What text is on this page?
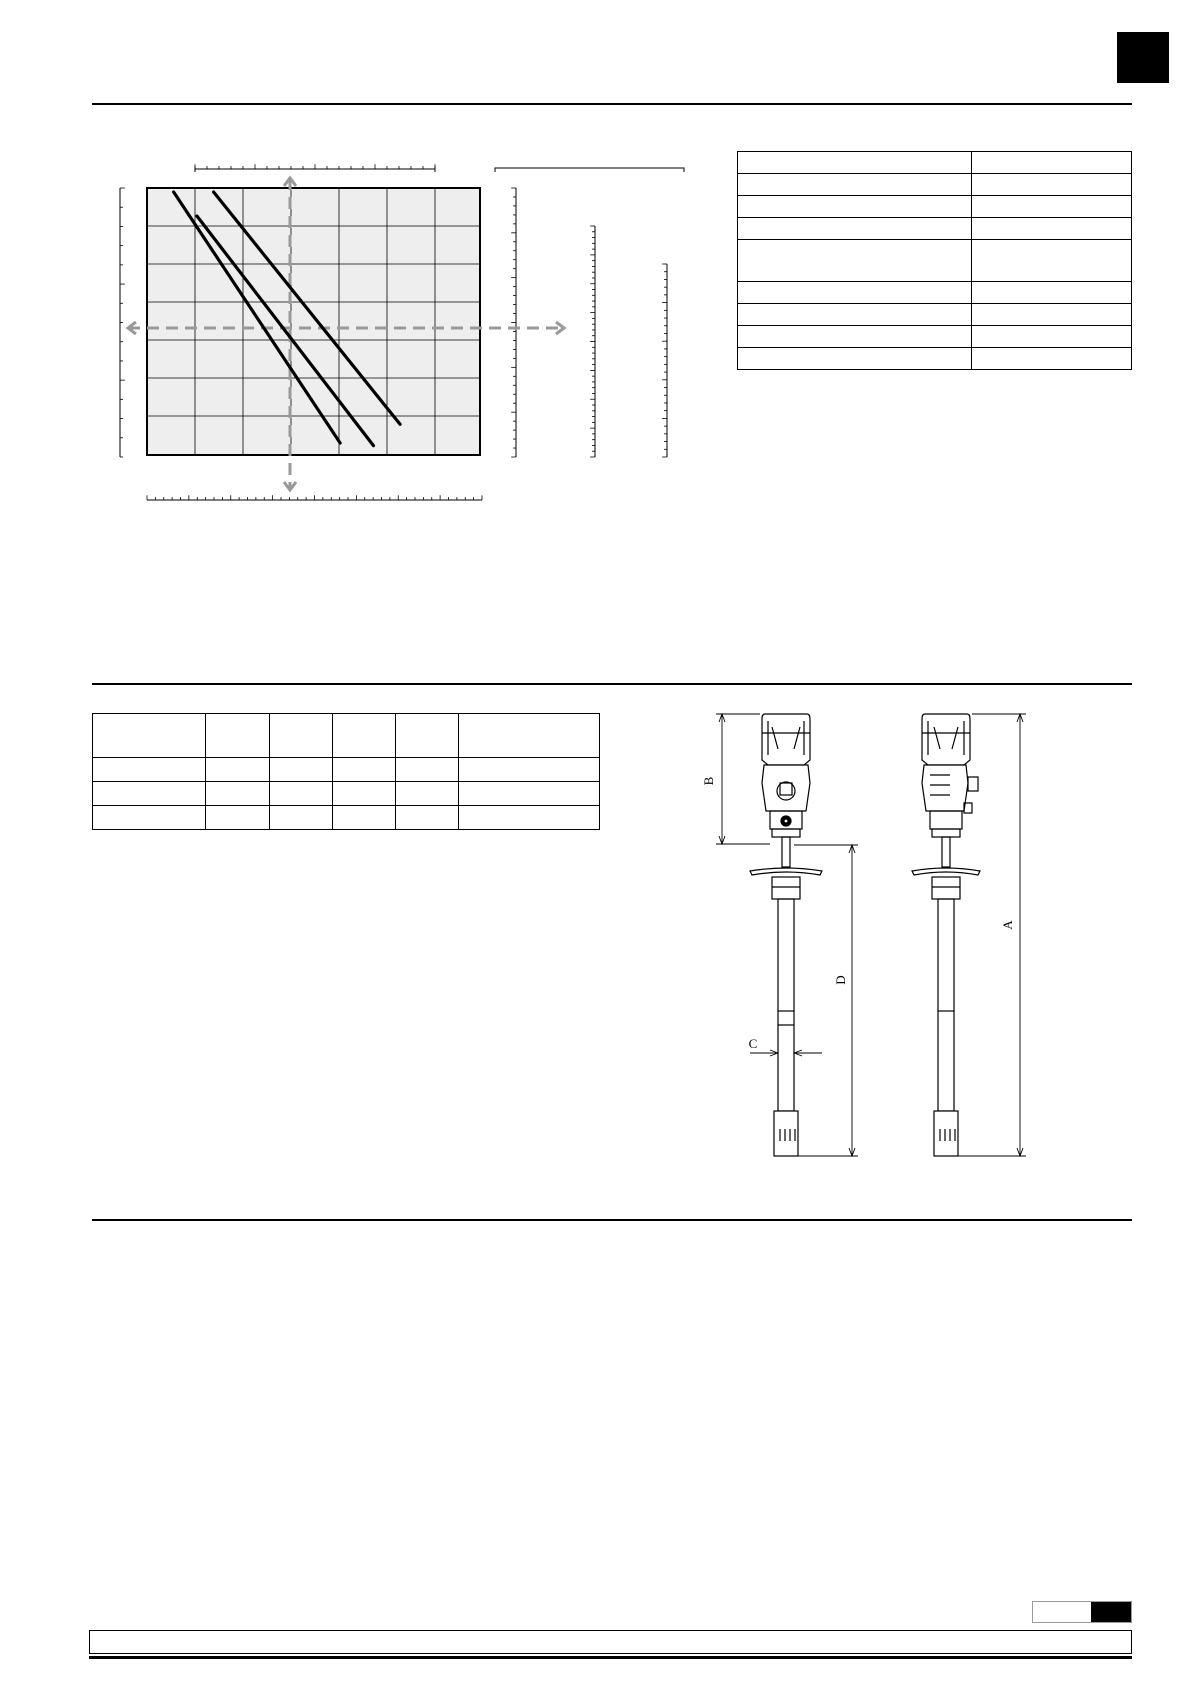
B
D
A
C
